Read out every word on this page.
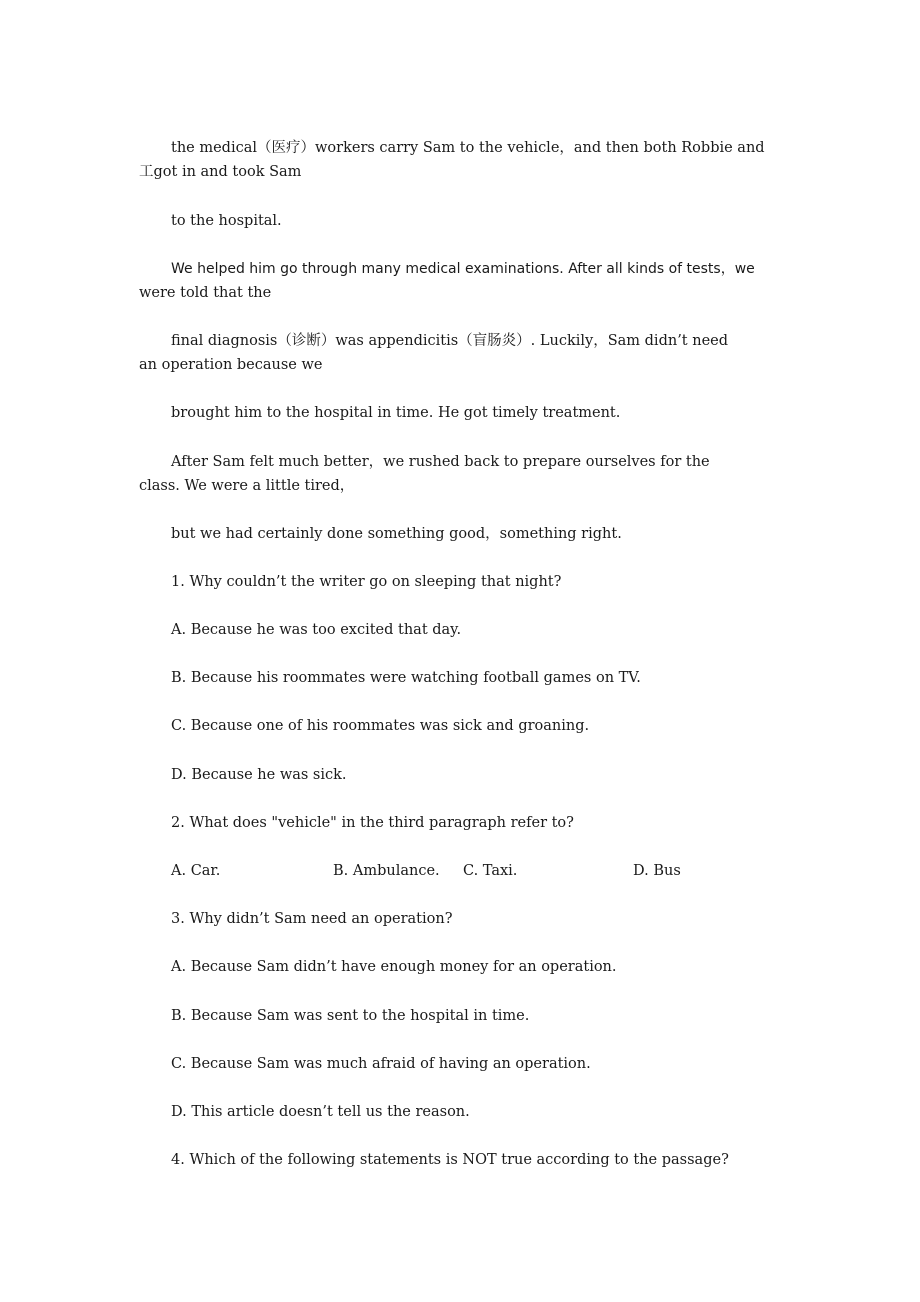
the medical（医疗）workers carry Sam to the vehicle，and then both Robbie and
工got in and took Sam
to the hospital.
We helped him go through many medical examinations. After all kinds of tests，we
were told that the
final diagnosis（诊断）was appendicitis（盲肠炎）. Luckily，Sam didn’t need
an operation because we
brought him to the hospital in time. He got timely treatment.
After Sam felt much better，we rushed back to prepare ourselves for the
class. We were a little tired，
but we had certainly done something good，something right.
1. Why couldn’t the writer go on sleeping that night?
A. Because he was too excited that day.
B. Because his roommates were watching football games on TV.
C. Because one of his roommates was sick and groaning.
D. Because he was sick.
2. What does "vehicle" in the third paragraph refer to?
A. Car.	B. Ambulance. C. Taxi.	D. Bus
3. Why didn’t Sam need an operation?
A. Because Sam didn’t have enough money for an operation.
B. Because Sam was sent to the hospital in time.
C. Because Sam was much afraid of having an operation.
D. This article doesn’t tell us the reason.
4. Which of the following statements is NOT true according to the passage?
